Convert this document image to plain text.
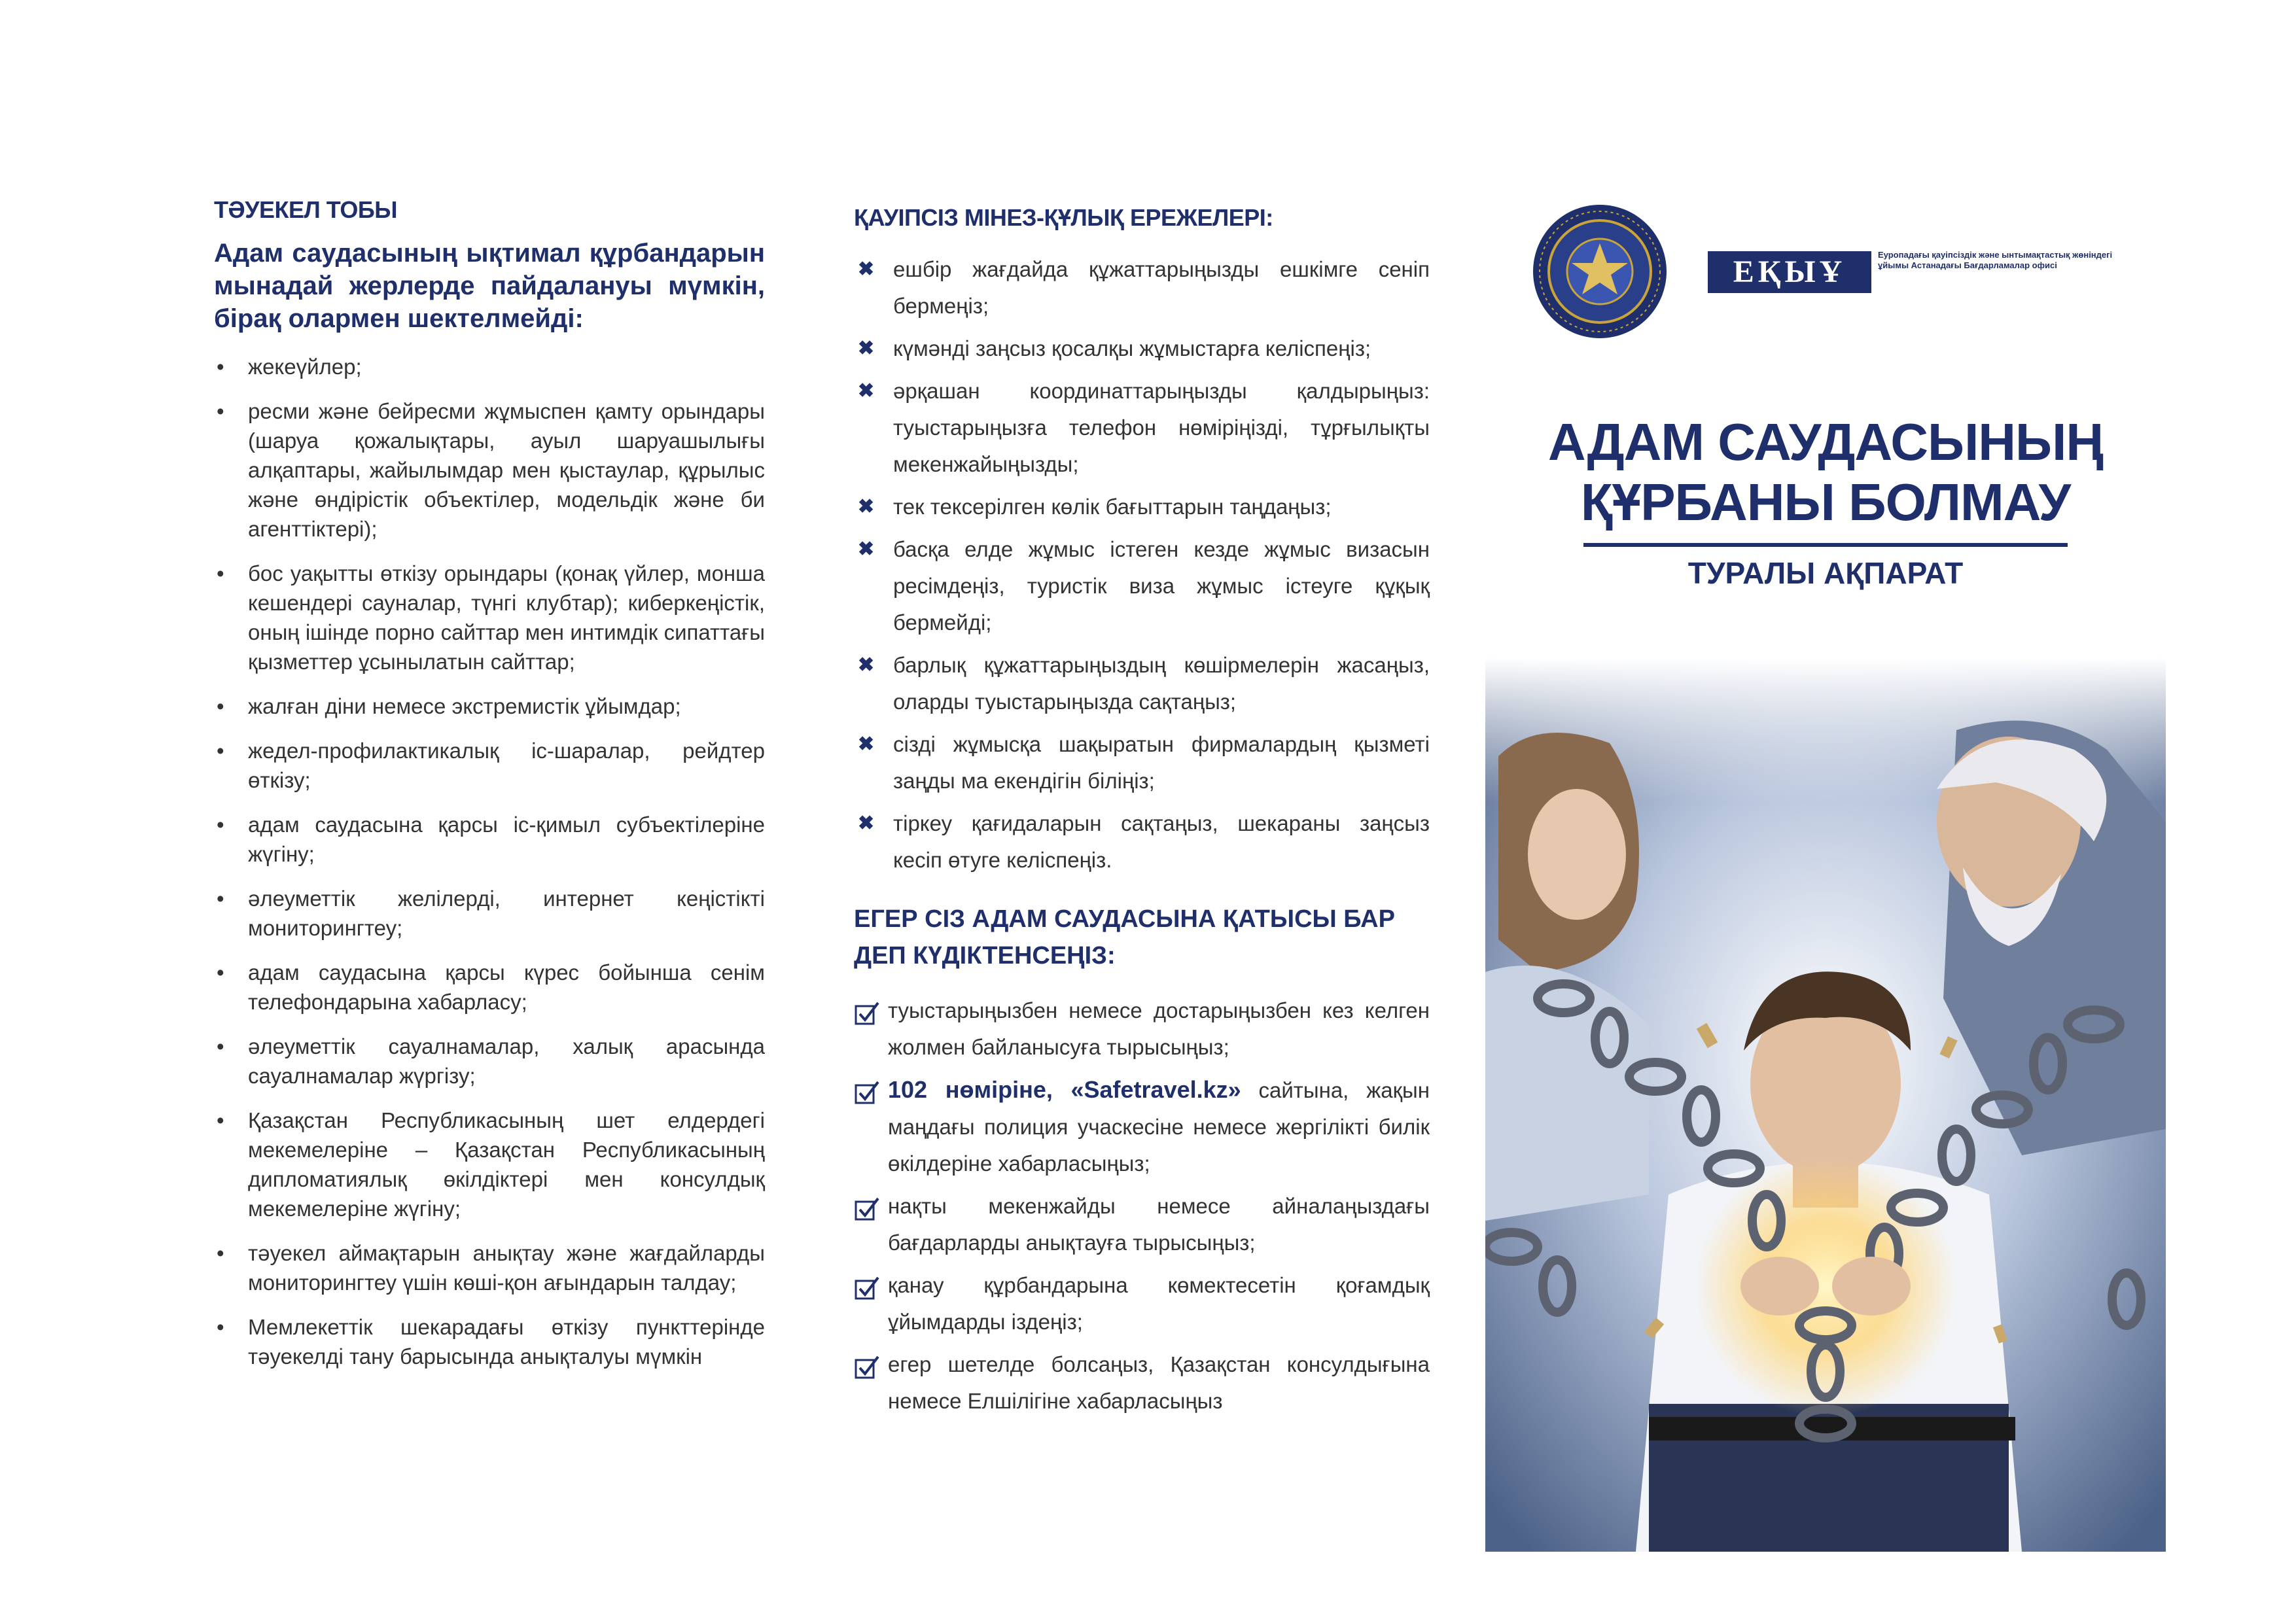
ТӘУЕКЕЛ ТОБЫ

Адам саудасының ықтимал құрбандарын мынадай жерлерде пайдалануы мүмкін, бірақ олармен шектелмейді:

• жекеүйлер;
• ресми және бейресми жұмыспен қамту орындары (шаруа қожалықтары, ауыл шаруашылығы алқаптары, жайылымдар мен қыстаулар, құрылыс және өндірістік объектілер, модельдік және би агенттіктері);
• бос уақытты өткізу орындары (қонақ үйлер, монша кешендері сауналар, түнгі клубтар); киберкеңістік, оның ішінде порно сайттар мен интимдік сипаттағы қызметтер ұсынылатын сайттар;
• жалған діни немесе экстремистік ұйымдар;
• жедел-профилактикалық іс-шаралар, рейдтер өткізу;
• адам саудасына қарсы іс-қимыл субъектілеріне жүгіну;
• әлеуметтік желілерді, интернет кеңістікті мониторингтеу;
• адам саудасына қарсы күрес бойынша сенім телефондарына хабарласу;
• әлеуметтік сауалнамалар, халық арасында сауалнамалар жүргізу;
• Қазақстан Республикасының шет елдердегі мекемелеріне – Қазақстан Республикасының дипломатиялық өкілдіктері мен консулдық мекемелеріне жүгіну;
• тәуекел аймақтарын анықтау және жағдайларды мониторингтеу үшін көші-қон ағындарын талдау;
• Мемлекеттік шекарадағы өткізу пункттерінде тәуекелді тану барысында анықталуы мүмкін
ҚАУІПСІЗ МІНЕЗ-ҚҰЛЫҚ ЕРЕЖЕЛЕРІ:
✖ ешбір жағдайда құжаттарыңызды ешкімге сеніп бермеңіз;
✖ күмәнді заңсыз қосалқы жұмыстарға келіспеңіз;
✖ әрқашан координаттарыңызды қалдырыңыз: туыстарыңызға телефон нөміріңізді, тұрғылықты мекенжайыңызды;
✖ тек тексерілген көлік бағыттарын таңдаңыз;
✖ басқа елде жұмыс істеген кезде жұмыс визасын ресімдеңіз, туристік виза жұмыс істеуге құқық бермейді;
✖ барлық құжаттарыңыздың көшірмелерін жасаңыз, оларды туыстарыңызда сақтаңыз;
✖ сізді жұмысқа шақыратын фирмалардың қызметі заңды ма екендігін біліңіз;
✖ тіркеу қағидаларын сақтаңыз, шекараны заңсыз кесіп өтуге келіспеңіз.
ЕГЕР СІЗ АДАМ САУДАСЫНА ҚАТЫСЫ БАР ДЕП КҮДІКТЕНСЕҢІЗ:
туыстарыңызбен немесе достарыңызбен кез келген жолмен байланысуға тырысыңыз;
102 нөміріне, «Safetravel.kz» сайтына, жақын маңдағы полиция учаскесіне немесе жергілікті билік өкілдеріне хабарласыңыз;
нақты мекенжайды немесе айналаңыздағы бағдарларды анықтауға тырысыңыз;
қанау құрбандарына көмектесетін қоғамдық ұйымдарды іздеңіз;
егер шетелде болсаңыз, Қазақстан консулдығына немесе Елшілігіне хабарласыңыз
ЕҚЫҰ	Еуропадағы қауіпсіздік және ынтымақтастық жөніндегі ұйымы Астанадағы Бағдарламалар офисі
АДАМ САУДАСЫНЫҢ
ҚҰРБАНЫ БОЛМАУ
ТУРАЛЫ АҚПАРАТ
